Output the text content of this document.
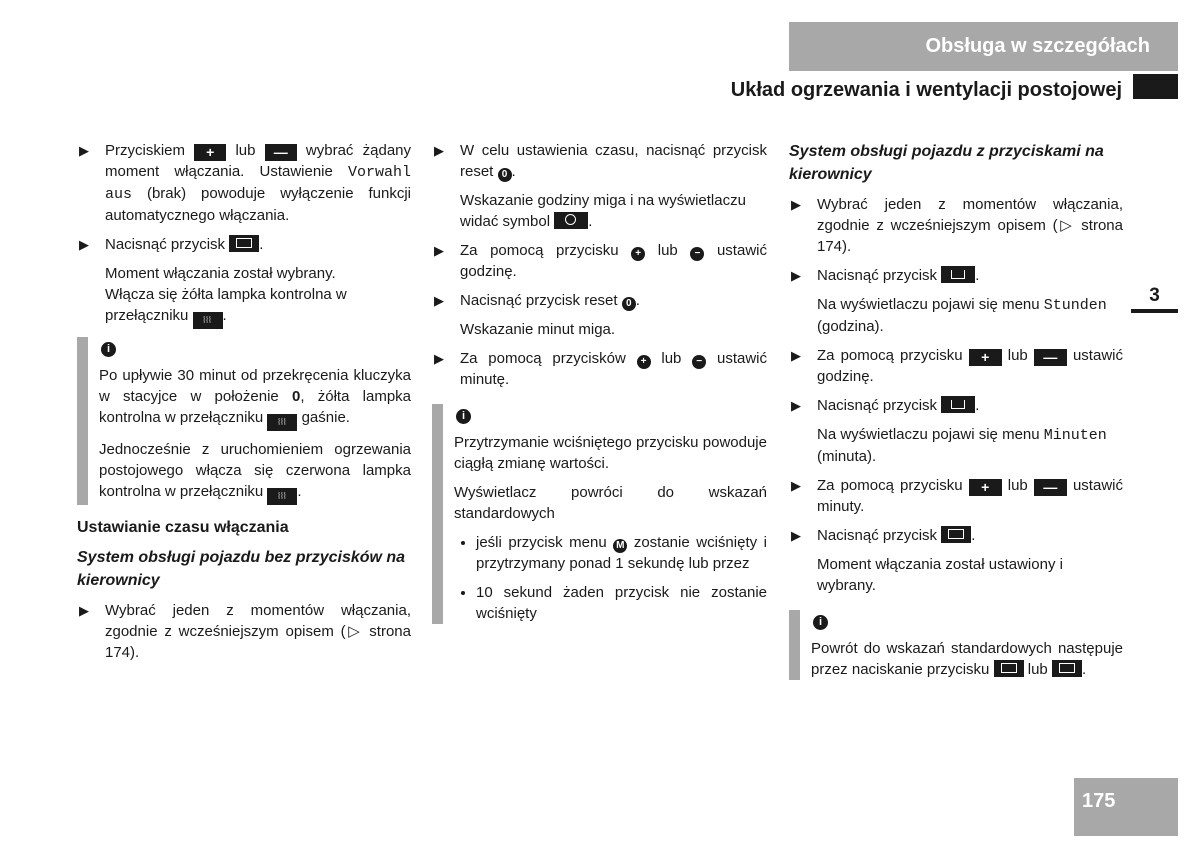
Obsługa w szczegółach
Układ ogrzewania i wentylacji postojowej
3
175
▶ Przyciskiem + lub — wybrać żądany moment włączania. Ustawienie Vorwahl aus (brak) powoduje wyłączenie funkcji automatycznego włączania.
▶ Nacisnąć przycisk .
Moment włączania został wybrany.
Włącza się żółta lampka kontrolna w przełączniku ⦚⦚⦚ .
i

Po upływie 30 minut od przekręcenia kluczyka w stacyjce w położenie 0, żółta lampka kontrolna w przełączniku ⦚⦚⦚ gaśnie.

Jednocześnie z uruchomieniem ogrzewania postojowego włącza się czerwona lampka kontrolna w przełączniku ⦚⦚⦚ .

Ustawianie czasu włączania
System obsługi pojazdu bez przycisków na kierownicy
▶ Wybrać jeden z momentów włączania, zgodnie z wcześniejszym opisem (▷ strona 174).
▶ W celu ustawienia czasu, nacisnąć przycisk reset 0 .
Wskazanie godziny miga i na wyświetlaczu widać symbol	.
▶ Za pomocą przycisku + lub − ustawić godzinę.
▶ Nacisnąć przycisk reset 0 .
Wskazanie minut miga.
▶ Za pomocą przycisków + lub − ustawić minutę.
i

Przytrzymanie wciśniętego przycisku powoduje ciągłą zmianę wartości.

Wyświetlacz powróci do wskazań standardowych

• jeśli przycisk menu M zostanie wciśnięty i przytrzymany ponad 1 sekundę lub przez
• 10 sekund żaden przycisk nie zostanie wciśnięty
System obsługi pojazdu z przyciskami na kierownicy
▶ Wybrać jeden z momentów włączania, zgodnie z wcześniejszym opisem (▷ strona 174).
▶ Nacisnąć przycisk	.
Na wyświetlaczu pojawi się menu Stunden (godzina).
▶ Za pomocą przycisku + lub — ustawić godzinę.
▶ Nacisnąć przycisk	.
Na wyświetlaczu pojawi się menu Minuten (minuta).
▶ Za pomocą przycisku + lub — ustawić minuty.
▶ Nacisnąć przycisk .
Moment włączania został ustawiony i wybrany.
i

Powrót do wskazań standardowych następuje przez naciskanie przycisku	lub .
